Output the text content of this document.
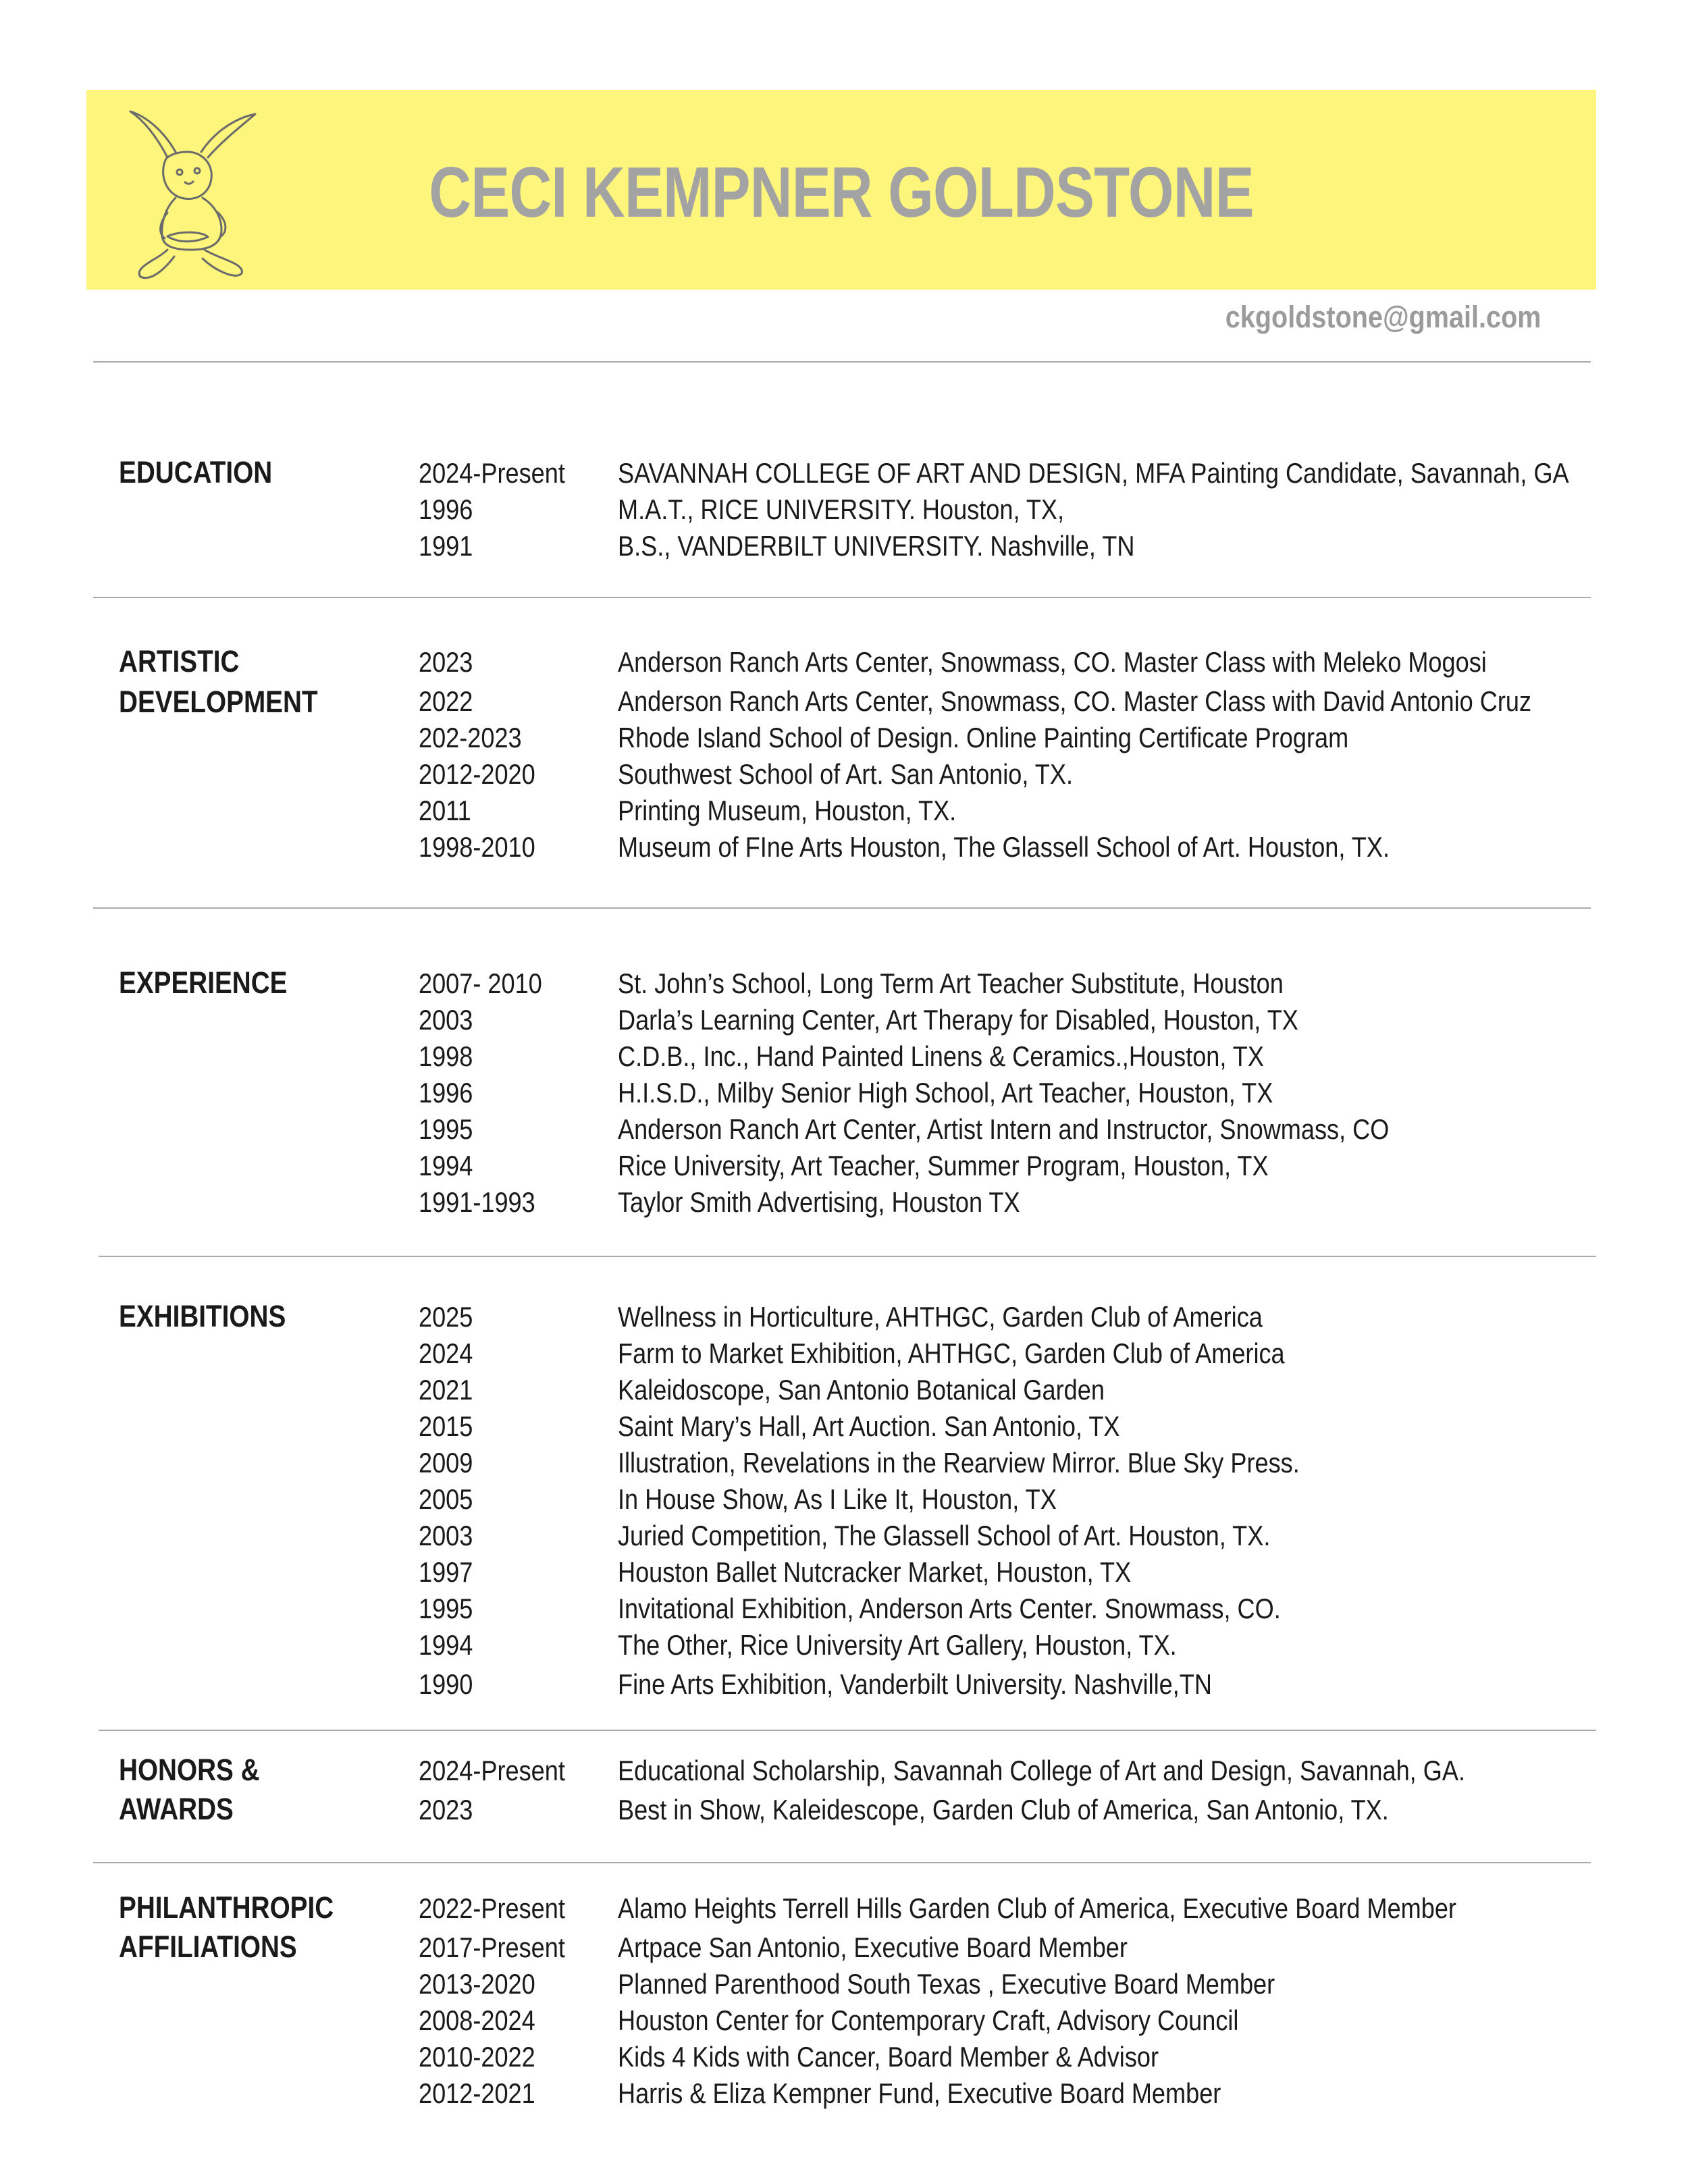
CECI KEMPNER GOLDSTONE
ckgoldstone@gmail.com
EDUCATION	2024-Present SAVANNAH COLLEGE OF ART AND DESIGN, MFA Painting Candidate, Savannah, GA
1996	M.A.T., RICE UNIVERSITY. Houston, TX,
1991	B.S., VANDERBILT UNIVERSITY. Nashville, TN
ARTISTIC
DEVELOPMENT
2023	Anderson Ranch Arts Center, Snowmass, CO. Master Class with Meleko Mogosi
2022	Anderson Ranch Arts Center, Snowmass, CO. Master Class with David Antonio Cruz
202-2023	Rhode Island School of Design. Online Painting Certificate Program
2012-2020	Southwest School of Art. San Antonio, TX.
2011	Printing Museum, Houston, TX.
1998-2010	Museum of FIne Arts Houston, The Glassell School of Art. Houston, TX.
EXPERIENCE	2007- 2010	St. John’s School, Long Term Art Teacher Substitute, Houston
2003	Darla’s Learning Center, Art Therapy for Disabled, Houston, TX
1998	C.D.B., Inc., Hand Painted Linens & Ceramics.,Houston, TX
1996	H.I.S.D., Milby Senior High School, Art Teacher, Houston, TX
1995	Anderson Ranch Art Center, Artist Intern and Instructor, Snowmass, CO
1994	Rice University, Art Teacher, Summer Program, Houston, TX
1991-1993	Taylor Smith Advertising, Houston TX
EXHIBITIONS	2025	Wellness in Horticulture, AHTHGC, Garden Club of America
2024	Farm to Market Exhibition, AHTHGC, Garden Club of America
2021	Kaleidoscope, San Antonio Botanical Garden
2015	Saint Mary’s Hall, Art Auction. San Antonio, TX
2009	Illustration, Revelations in the Rearview Mirror. Blue Sky Press.
2005	In House Show, As I Like It, Houston, TX
2003	Juried Competition, The Glassell School of Art. Houston, TX.
1997	Houston Ballet Nutcracker Market, Houston, TX
1995	Invitational Exhibition, Anderson Arts Center. Snowmass, CO.
1994	The Other, Rice University Art Gallery, Houston, TX.
1990	Fine Arts Exhibition, Vanderbilt University. Nashville,TN
HONORS &
AWARDS
2024-Present Educational Scholarship, Savannah College of Art and Design, Savannah, GA.
2023	Best in Show, Kaleidescope, Garden Club of America, San Antonio, TX.
PHILANTHROPIC
AFFILIATIONS
2022-Present Alamo Heights Terrell Hills Garden Club of America, Executive Board Member
2017-Present Artpace San Antonio, Executive Board Member
2013-2020	Planned Parenthood South Texas , Executive Board Member
2008-2024	Houston Center for Contemporary Craft, Advisory Council
2010-2022	Kids 4 Kids with Cancer, Board Member & Advisor
2012-2021	Harris & Eliza Kempner Fund, Executive Board Member
